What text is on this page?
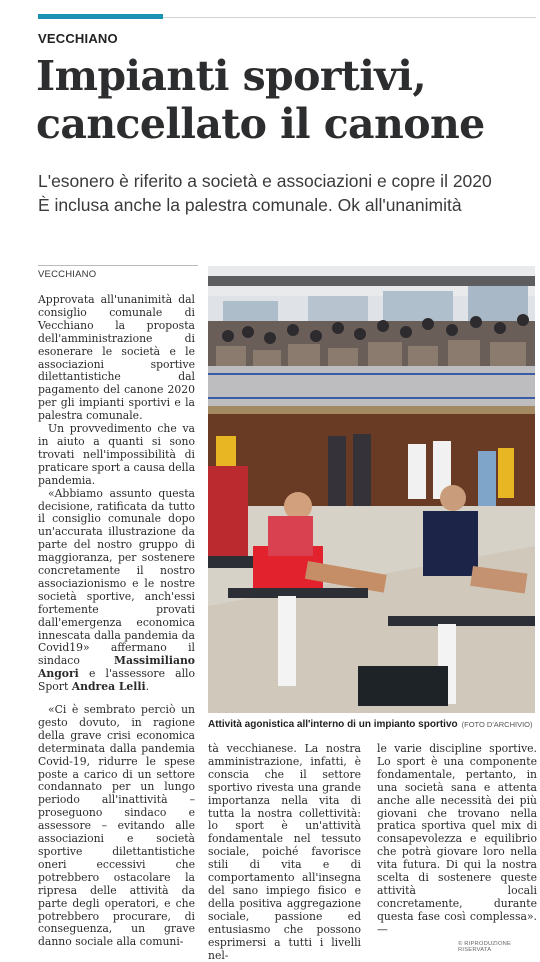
VECCHIANO
Impianti sportivi,
cancellato il canone
L'esonero è riferito a società e associazioni e copre il 2020
È inclusa anche la palestra comunale. Ok all'unanimità
VECCHIANO

Approvata all'unanimità dal consiglio comunale di Vecchiano la proposta dell'amministrazione di esonerare le società e le associazioni sportive dilettantistiche dal pagamento del canone 2020 per gli impianti sportivi e la palestra comunale.

Un provvedimento che va in aiuto a quanti si sono trovati nell'impossibilità di praticare sport a causa della pandemia.

«Abbiamo assunto questa decisione, ratificata da tutto il consiglio comunale dopo un'accurata illustrazione da parte del nostro gruppo di maggioranza, per sostenere concretamente il nostro associazionismo e le nostre società sportive, anch'essi fortemente provati dall'emergenza economica innescata dalla pandemia da Covid19» affermano il sindaco Massimiliano Angori e l'assessore allo Sport Andrea Lelli.

«Ci è sembrato perciò un gesto dovuto, in ragione della grave crisi economica determinata dalla pandemia Covid-19, ridurre le spese poste a carico di un settore condannato per un lungo periodo all'inattività – proseguono sindaco e assessore – evitando alle associazioni e società sportive dilettantistiche oneri eccessivi che potrebbero ostacolare la ripresa delle attività da parte degli operatori, e che potrebbero procurare, di conseguenza, un grave danno sociale alla comuni-

tà vecchianese. La nostra amministrazione, infatti, è conscia che il settore sportivo rivesta una grande importanza nella vita di tutta la nostra collettività: lo sport è un'attività fondamentale nel tessuto sociale, poiché favorisce stili di vita e di comportamento all'insegna del sano impiego fisico e della positiva aggregazione sociale, passione ed entusiasmo che possono esprimersi a tutti i livelli nel-

le varie discipline sportive. Lo sport è una componente fondamentale, pertanto, in una società sana e attenta anche alle necessità dei più giovani che trovano nella pratica sportiva quel mix di consapevolezza e equilibrio che potrà giovare loro nella vita futura. Di qui la nostra scelta di sostenere queste attività locali concretamente, durante questa fase così complessa».—

Attività agonistica all'interno di un impianto sportivo (FOTO D'ARCHIVIO)
© RIPRODUZIONE RISERVATA
